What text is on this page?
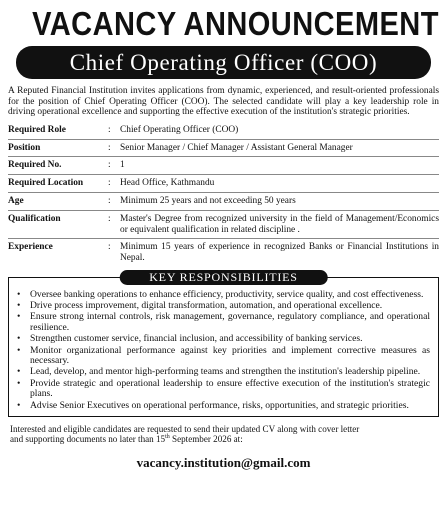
VACANCY ANNOUNCEMENT
Chief Operating Officer (COO)
A Reputed Financial Institution invites applications from dynamic, experienced, and result-oriented professionals for the position of Chief Operating Officer (COO). The selected candidate will play a key leadership role in driving operational excellence and supporting the effective execution of the institution's strategic priorities.
Required Role	: Chief Operating Officer (COO)
Position	: Senior Manager / Chief Manager / Assistant General Manager
Required No.	: 1
Required Location	: Head Office, Kathmandu
Age	: Minimum 25 years and not exceeding 50 years
Qualification	: Master's Degree from recognized university in the field of Management/Economics or equivalent qualification in related discipline .
Experience	: Minimum 15 years of experience in recognized Banks or Financial Institutions in Nepal.
KEY RESPONSIBILITIES
• Oversee banking operations to enhance efficiency, productivity, service quality, and cost effectiveness.
• Drive process improvement, digital transformation, automation, and operational excellence.
• Ensure strong internal controls, risk management, governance, regulatory compliance, and operational resilience.
• Strengthen customer service, financial inclusion, and accessibility of banking services.
• Monitor organizational performance against key priorities and implement corrective measures as necessary.
• Lead, develop, and mentor high-performing teams and strengthen the institution's leadership pipeline.
• Provide strategic and operational leadership to ensure effective execution of the institution's strategic plans.
• Advise Senior Executives on operational performance, risks, opportunities, and strategic priorities.
Interested and eligible candidates are requested to send their updated CV along with cover letter
and supporting documents no later than 15th September 2026 at:
vacancy.institution@gmail.com
